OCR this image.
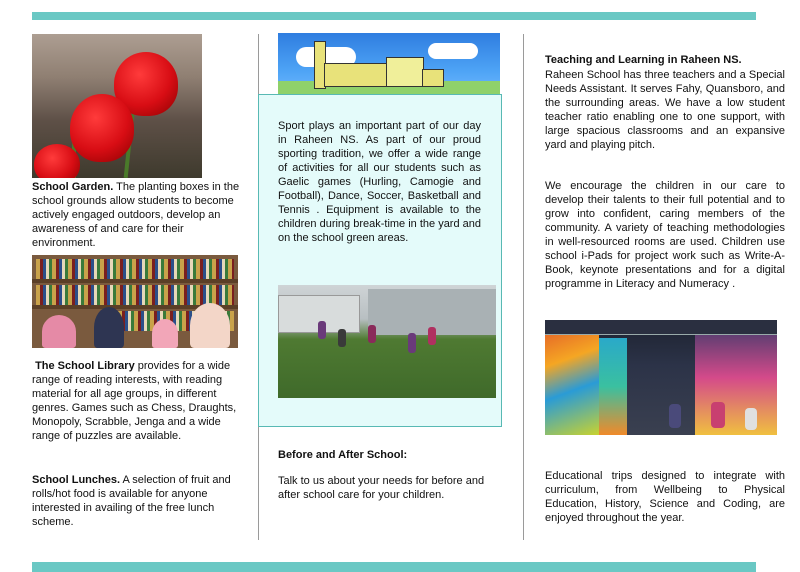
School Garden. The planting boxes in the school grounds allow students to become actively engaged outdoors, develop an awareness of and care for their environment.

The School Library provides for a wide range of reading interests, with reading material for all age groups, in different genres. Games such as Chess, Draughts, Monopoly, Scrabble, Jenga and a wide range of puzzles are available.

School Lunches. A selection of fruit and rolls/hot food is available for anyone interested in availing of the free lunch scheme.

Sport plays an important part of our day in Raheen NS. As part of our proud sporting tradition, we offer a wide range of activities for all our students such as Gaelic games (Hurling, Camogie and Football), Dance, Soccer, Basketball and Tennis . Equipment is available to the children during break-time in the yard and on the school green areas.

Before and After School:

Talk to us about your needs for before and after school care for your children.

Teaching and Learning in Raheen NS.

Raheen School has three teachers and a Special Needs Assistant. It serves Fahy, Quansboro, and the surrounding areas. We have a low student teacher ratio enabling one to one support, with large spacious classrooms and an expansive yard and playing pitch.

We encourage the children in our care to develop their talents to their full potential and to grow into confident, caring members of the community. A variety of teaching methodologies in well-resourced rooms are used. Children use school i-Pads for project work such as Write-A-Book, keynote presentations and for a digital programme in Literacy and Numeracy .

Educational trips designed to integrate with curriculum, from Wellbeing to Physical Education, History, Science and Coding, are enjoyed throughout the year.
